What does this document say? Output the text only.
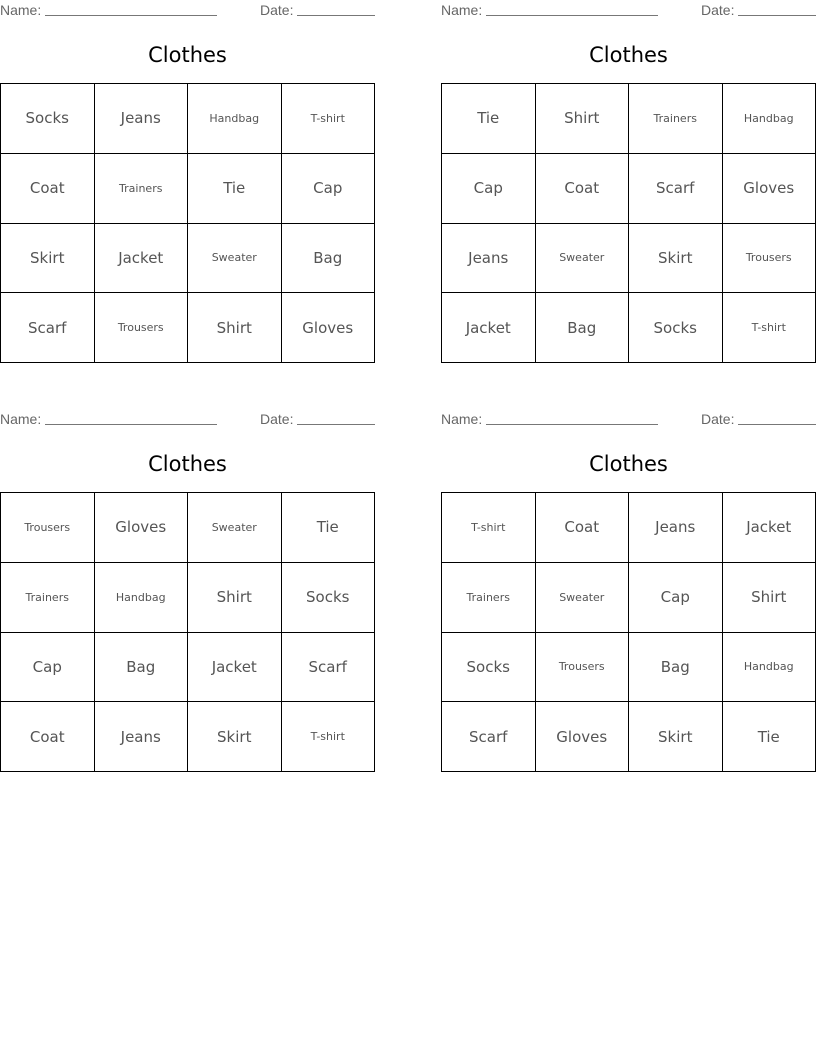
Name:	Date:
Clothes
Socks	Jeans	Handbag	T-shirt
Coat	Trainers	Tie	Cap
Skirt	Jacket	Sweater	Bag
Scarf	Trousers	Shirt	Gloves
Name:	Date:
Clothes
Tie	Shirt	Trainers	Handbag
Cap	Coat	Scarf	Gloves
Jeans	Sweater	Skirt	Trousers
Jacket	Bag	Socks	T-shirt
Name:	Date:
Clothes
Trousers	Gloves	Sweater	Tie
Trainers	Handbag	Shirt	Socks
Cap	Bag	Jacket	Scarf
Coat	Jeans	Skirt	T-shirt
Name:	Date:
Clothes
T-shirt	Coat	Jeans	Jacket
Trainers	Sweater	Cap	Shirt
Socks	Trousers	Bag	Handbag
Scarf	Gloves	Skirt	Tie
